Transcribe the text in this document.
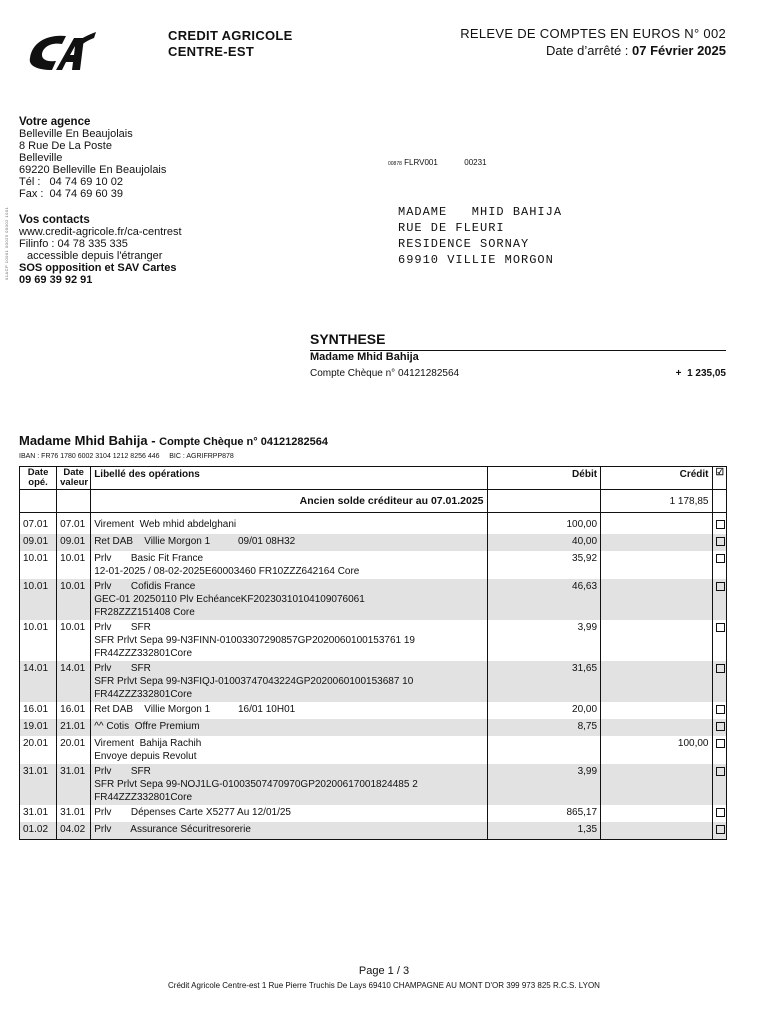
CREDIT AGRICOLE
CENTRE-EST
RELEVE DE COMPTES EN EUROS N° 002
Date d’arrêté : 07 Février 2025
01ACP 10001 00025 00002 1001
Votre agence
Belleville En Beaujolais
8 Rue De La Poste
Belleville
69220 Belleville En Beaujolais
Tél :   04 74 69 10 02
Fax :  04 74 69 60 39
Vos contacts
www.credit-agricole.fr/ca-centrest
Filinfo : 04 78 335 335
accessible depuis l'étranger
SOS opposition et SAV Cartes
09 69 39 92 91
00878 FLRV001	00231
MADAME   MHID BAHIJA
RUE DE FLEURI
RESIDENCE SORNAY
69910 VILLIE MORGON
SYNTHESE
Madame Mhid Bahija
Compte Chèque n° 04121282564	+  1 235,05
Madame Mhid Bahija - Compte Chèque n° 04121282564
IBAN : FR76 1780 6002 3104 1212 8256 446     BIC : AGRIFRPP878
Date opé.	Date valeur	Libellé des opérations	Débit	Crédit	☑
		Ancien solde créditeur au 07.01.2025		1 178,85	

07.01	07.01	Virement  Web mhid abdelghani	100,00		
09.01	09.01	Ret DAB    Villie Morgon 1          09/01 08H32	40,00		
10.01	10.01	Prlv       Basic Fit France
12-01-2025 / 08-02-2025E60003460 FR10ZZZ642164 Core	35,92		
10.01	10.01	Prlv       Cofidis France
GEC-01 20250110 Plv EchéanceKF20230310104109076061
FR28ZZZ151408 Core	46,63		
10.01	10.01	Prlv       SFR
SFR Prlvt Sepa 99-N3FINN-01003307290857GP2020060100153761 19
FR44ZZZ332801Core	3,99		
14.01	14.01	Prlv       SFR
SFR Prlvt Sepa 99-N3FIQJ-01003747043224GP2020060100153687 10
FR44ZZZ332801Core	31,65		
16.01	16.01	Ret DAB    Villie Morgon 1          16/01 10H01	20,00		
19.01	21.01	^^ Cotis  Offre Premium	8,75		
20.01	20.01	Virement  Bahija Rachih
Envoye depuis Revolut		100,00	
31.01	31.01	Prlv       SFR
SFR Prlvt Sepa 99-NOJ1LG-01003507470970GP20200617001824485 2
FR44ZZZ332801Core	3,99		
31.01	31.01	Prlv       Dépenses Carte X5277 Au 12/01/25	865,17		
01.02	04.02	Prlv       Assurance Sécuritresorerie	1,35		
Page 1 / 3
Crédit Agricole Centre-est 1 Rue Pierre Truchis De Lays 69410 CHAMPAGNE AU MONT D'OR 399 973 825 R.C.S. LYON
